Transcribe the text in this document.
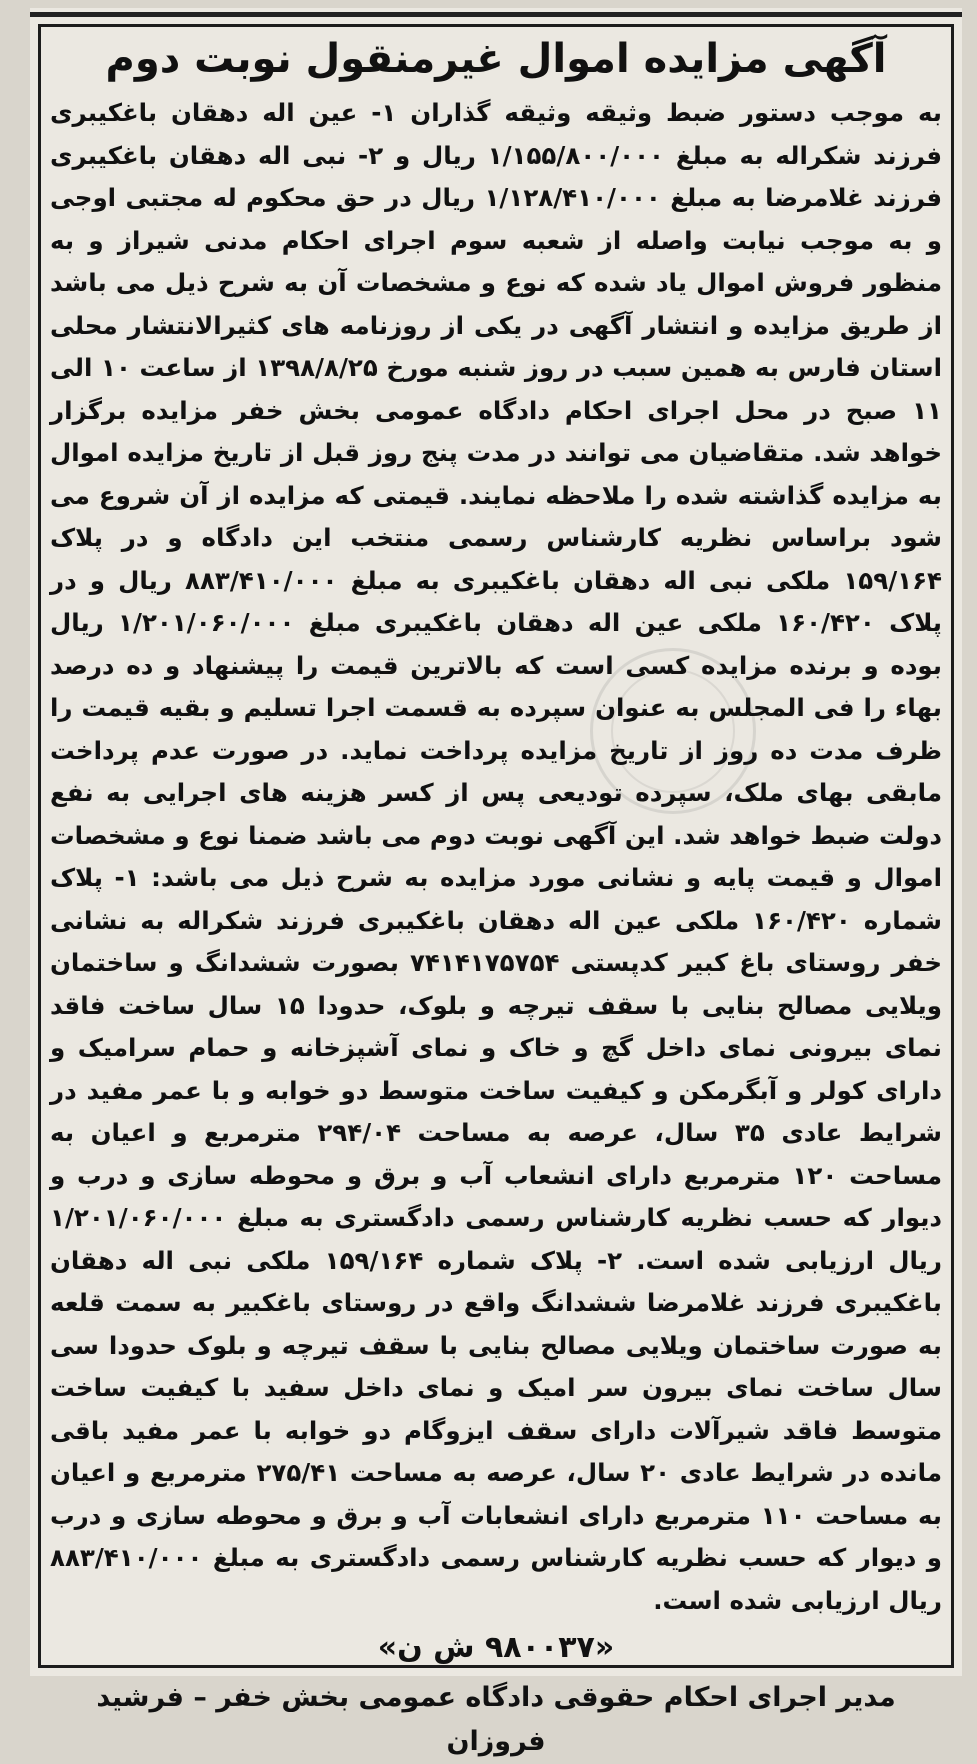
آگهی مزایده اموال غیرمنقول نوبت دوم

به موجب دستور ضبط وثیقه وثیقه گذاران ۱- عین اله دهقان باغکیبری فرزند شکراله به مبلغ ۱/۱۵۵/۸۰۰/۰۰۰ ریال و ۲- نبی اله دهقان باغکیبری فرزند غلامرضا به مبلغ ۱/۱۲۸/۴۱۰/۰۰۰ ریال در حق محکوم له مجتبی اوجی و به موجب نیابت واصله از شعبه سوم اجرای احکام مدنی شیراز و به منظور فروش اموال یاد شده که نوع و مشخصات آن به شرح ذیل می باشد از طریق مزایده و انتشار آگهی در یکی از روزنامه های کثیرالانتشار محلی استان فارس به همین سبب در روز شنبه مورخ ۱۳۹۸/۸/۲۵ از ساعت ۱۰ الی ۱۱ صبح در محل اجرای احکام دادگاه عمومی بخش خفر مزایده برگزار خواهد شد. متقاضیان می توانند در مدت پنج روز قبل از تاریخ مزایده اموال به مزایده گذاشته شده را ملاحظه نمایند. قیمتی که مزایده از آن شروع می شود براساس نظریه کارشناس رسمی منتخب این دادگاه و در پلاک ۱۵۹/۱۶۴ ملکی نبی اله دهقان باغکیبری به مبلغ ۸۸۳/۴۱۰/۰۰۰ ریال و در پلاک ۱۶۰/۴۲۰ ملکی عین اله دهقان باغکیبری مبلغ ۱/۲۰۱/۰۶۰/۰۰۰ ریال بوده و برنده مزایده کسی است که بالاترین قیمت را پیشنهاد و ده درصد بهاء را فی المجلس به عنوان سپرده به قسمت اجرا تسلیم و بقیه قیمت را ظرف مدت ده روز از تاریخ مزایده پرداخت نماید. در صورت عدم پرداخت مابقی بهای ملک، سپرده تودیعی پس از کسر هزینه های اجرایی به نفع دولت ضبط خواهد شد. این آگهی نوبت دوم می باشد ضمنا نوع و مشخصات اموال و قیمت پایه و نشانی مورد مزایده به شرح ذیل می باشد: ۱- پلاک شماره ۱۶۰/۴۲۰ ملکی عین اله دهقان باغکیبری فرزند شکراله به نشانی خفر روستای باغ کبیر کدپستی ۷۴۱۴۱۷۵۷۵۴ بصورت ششدانگ و ساختمان ویلایی مصالح بنایی با سقف تیرچه و بلوک، حدودا ۱۵ سال ساخت فاقد نمای بیرونی نمای داخل گچ و خاک و نمای آشپزخانه و حمام سرامیک و دارای کولر و آبگرمکن و کیفیت ساخت متوسط دو خوابه و با عمر مفید در شرایط عادی ۳۵ سال، عرصه به مساحت ۲۹۴/۰۴ مترمربع و اعیان به مساحت ۱۲۰ مترمربع دارای انشعاب آب و برق و محوطه سازی و درب و دیوار که حسب نظریه کارشناس رسمی دادگستری به مبلغ ۱/۲۰۱/۰۶۰/۰۰۰ ریال ارزیابی شده است. ۲- پلاک شماره ۱۵۹/۱۶۴ ملکی نبی اله دهقان باغکیبری فرزند غلامرضا ششدانگ واقع در روستای باغکبیر به سمت قلعه به صورت ساختمان ویلایی مصالح بنایی با سقف تیرچه و بلوک حدودا سی سال ساخت نمای بیرون سر امیک و نمای داخل سفید با کیفیت ساخت متوسط فاقد شیرآلات دارای سقف ایزوگام دو خوابه با عمر مفید باقی مانده در شرایط عادی ۲۰ سال، عرصه به مساحت ۲۷۵/۴۱ مترمربع و اعیان به مساحت ۱۱۰ مترمربع دارای انشعابات آب و برق و محوطه سازی و درب و دیوار که حسب نظریه کارشناس رسمی دادگستری به مبلغ ۸۸۳/۴۱۰/۰۰۰ ریال ارزیابی شده است.

«۹۸۰۰۳۷ ش ن»

مدیر اجرای احکام حقوقی دادگاه عمومی بخش خفر – فرشید فروزان
